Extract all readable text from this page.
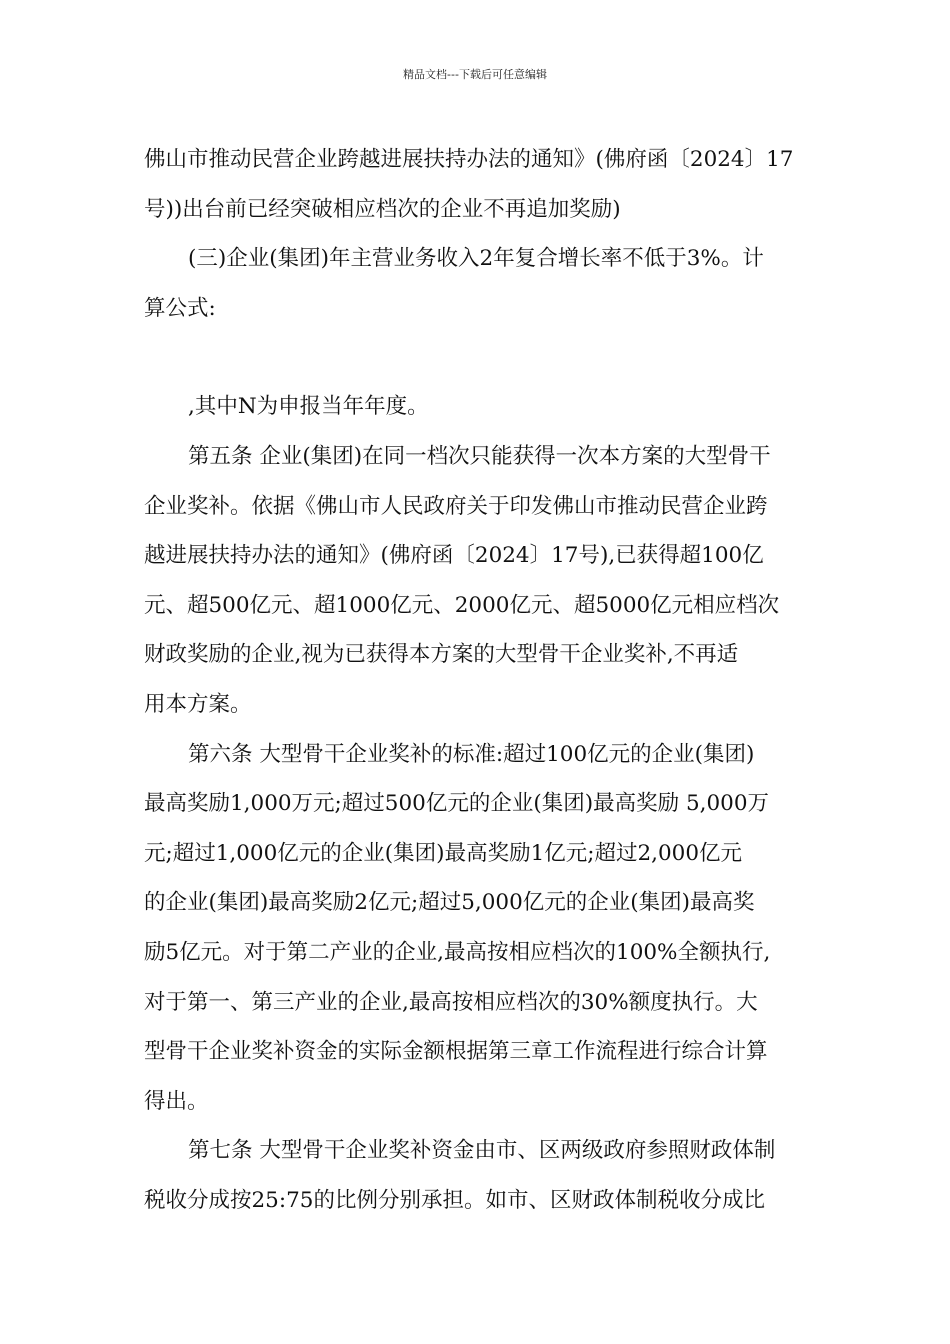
精品文档---下载后可任意编辑
佛山市推动民营企业跨越进展扶持办法的通知》(佛府函〔2024〕17
号))出台前已经突破相应档次的企业不再追加奖励)
(三)企业(集团)年主营业务收入2年复合增长率不低于3%。计
算公式:
,其中N为申报当年年度。
第五条 企业(集团)在同一档次只能获得一次本方案的大型骨干
企业奖补。依据《佛山市人民政府关于印发佛山市推动民营企业跨
越进展扶持办法的通知》(佛府函〔2024〕17号),已获得超100亿
元、超500亿元、超1000亿元、2000亿元、超5000亿元相应档次
财政奖励的企业,视为已获得本方案的大型骨干企业奖补,不再适
用本方案。
第六条 大型骨干企业奖补的标准:超过100亿元的企业(集团)
最高奖励1,000万元;超过500亿元的企业(集团)最高奖励 5,000万
元;超过1,000亿元的企业(集团)最高奖励1亿元;超过2,000亿元
的企业(集团)最高奖励2亿元;超过5,000亿元的企业(集团)最高奖
励5亿元。对于第二产业的企业,最高按相应档次的100%全额执行,
对于第一、第三产业的企业,最高按相应档次的30%额度执行。大
型骨干企业奖补资金的实际金额根据第三章工作流程进行综合计算
得出。
第七条 大型骨干企业奖补资金由市、区两级政府参照财政体制
税收分成按25:75的比例分别承担。如市、区财政体制税收分成比
